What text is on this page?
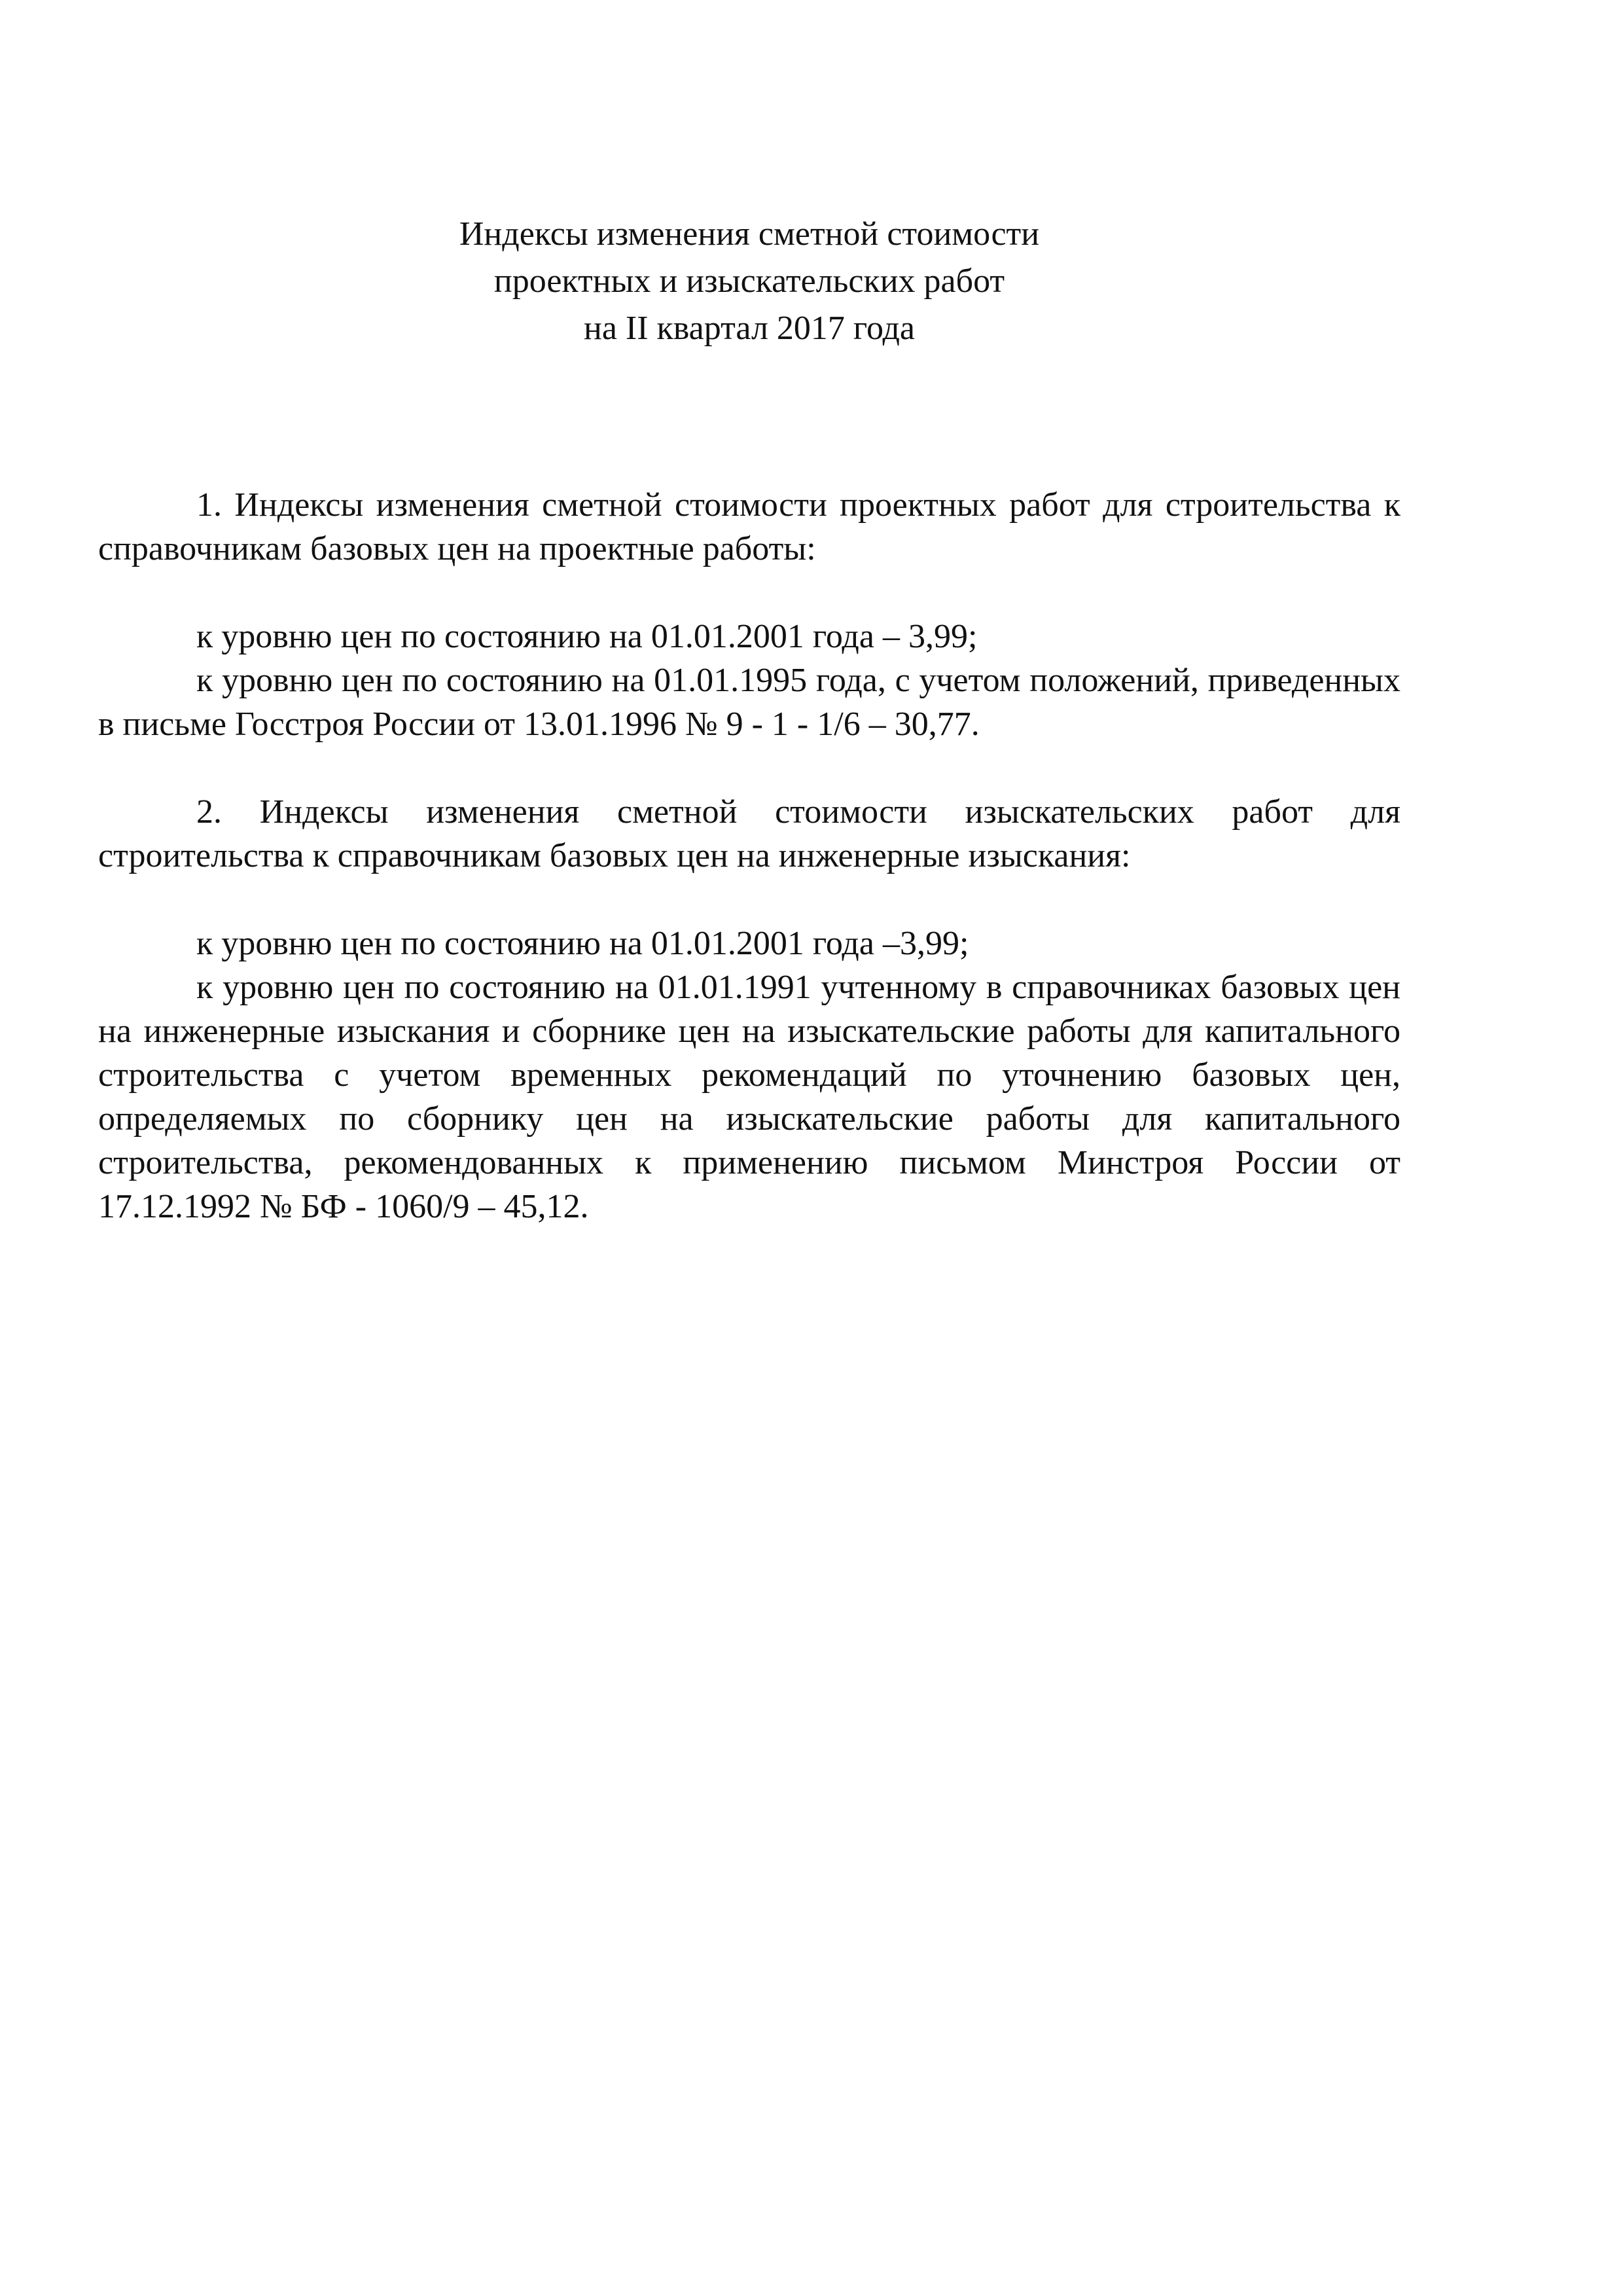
Индексы изменения сметной стоимости
проектных и изыскательских работ
на II квартал 2017 года

1. Индексы изменения сметной стоимости проектных работ для строительства к справочникам базовых цен на проектные работы:

к уровню цен по состоянию на 01.01.2001 года – 3,99;

к уровню цен по состоянию на 01.01.1995 года, с учетом положений, приведенных в письме Госстроя России от 13.01.1996 № 9 - 1 - 1/6 – 30,77.

2. Индексы изменения сметной стоимости изыскательских работ для строительства к справочникам базовых цен на инженерные изыскания:

к уровню цен по состоянию на 01.01.2001 года –3,99;

к уровню цен по состоянию на 01.01.1991 учтенному в справочниках базовых цен на инженерные изыскания и сборнике цен на изыскательские работы для капитального строительства с учетом временных рекомендаций по уточнению базовых цен, определяемых по сборнику цен на изыскательские работы для капитального строительства, рекомендованных к применению письмом Минстроя России от 17.12.1992 № БФ - 1060/9 – 45,12.
